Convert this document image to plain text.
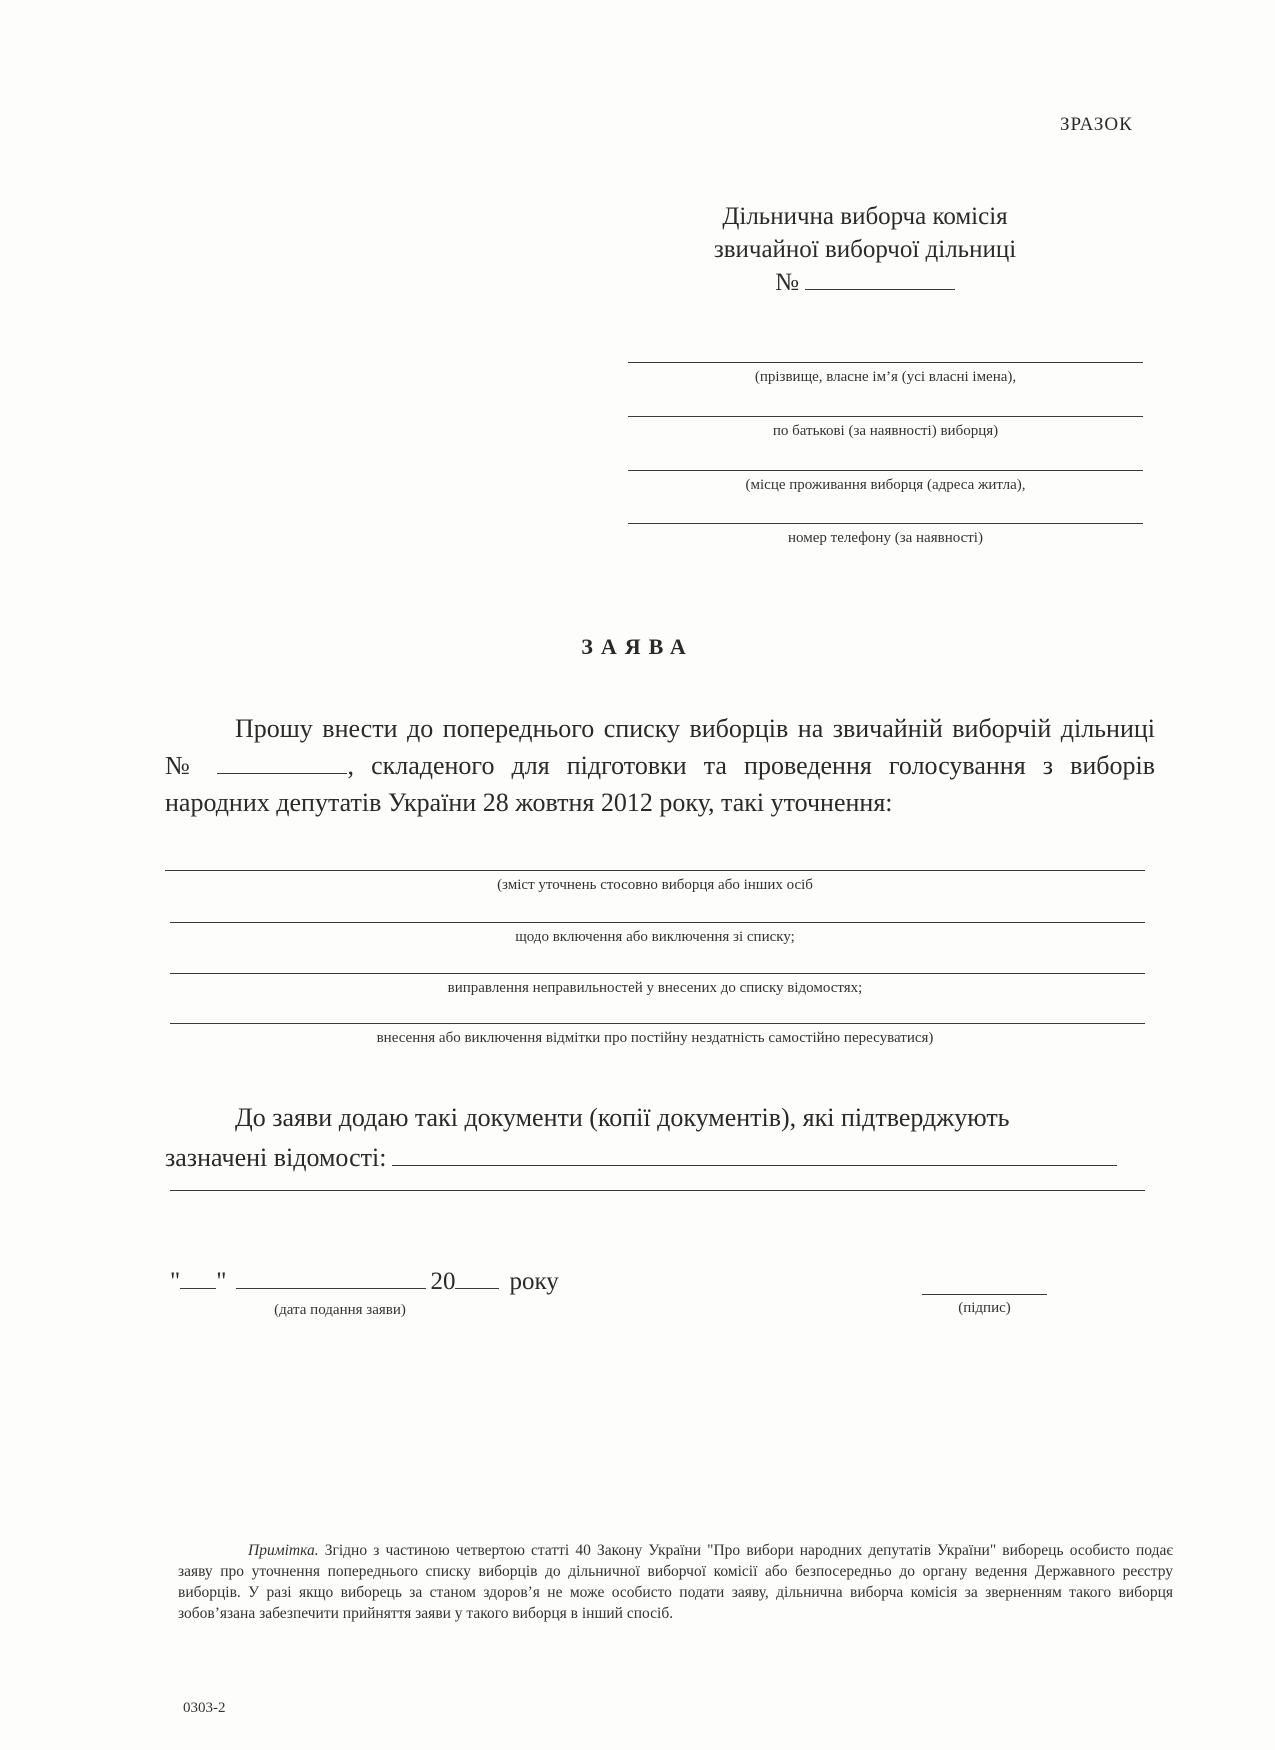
ЗРАЗОК
Дільнична виборча комісія
звичайної виборчої дільниці
№
(прізвище, власне ім’я (усі власні імена),
по батькові (за наявності) виборця)
(місце проживання виборця (адреса житла),
номер телефону (за наявності)
ЗАЯВА

Прошу внести до попереднього списку виборців на звичайній виборчій дільниці №	, складеного для підготовки та проведення голосування з виборів народних депутатів України 28 жовтня 2012 року, такі уточнення:

(зміст уточнень стосовно виборця або інших осіб
щодо включення або виключення зі списку;
виправлення неправильностей у внесених до списку відомостях;
внесення або виключення відмітки про постійну нездатність самостійно пересуватися)

До заяви додаю такі документи (копії документів), які підтверджують

зазначені відомості:

" "	20 року
(дата подання заяви)	(підпис)
Примітка. Згідно з частиною четвертою статті 40 Закону України "Про вибори народних депутатів України" виборець особисто подає заяву про уточнення попереднього списку виборців до дільничної виборчої комісії або безпосередньо до органу ведення Державного реєстру виборців. У разі якщо виборець за станом здоров’я не може особисто подати заяву, дільнична виборча комісія за зверненням такого виборця зобов’язана забезпечити прийняття заяви у такого виборця в інший спосіб.
0303-2
